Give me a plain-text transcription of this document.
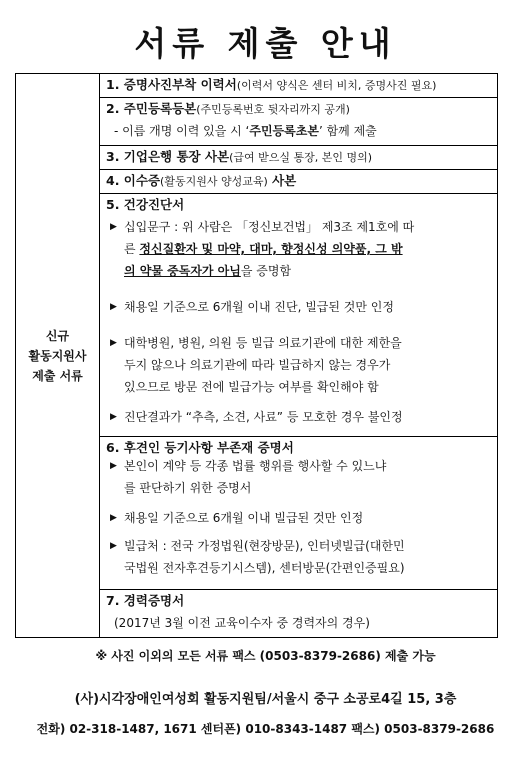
서류 제출 안내
신규
활동지원사
제출 서류
1. 증명사진부착 이력서(이력서 양식은 센터 비치, 증명사진 필요)
2. 주민등록등본(주민등록번호 뒷자리까지 공개)
- 이름 개명 이력 있을 시 ‘주민등록초본’ 함께 제출
3. 기업은행 통장 사본(급여 받으실 통장, 본인 명의)
4. 이수증(활동지원사 양성교육) 사본
5. 건강진단서
▶ 십입문구 : 위 사람은 「정신보건법」 제3조 제1호에 따
른 정신질환자 및 마약, 대마, 향정신성 의약품, 그 밖
의 약물 중독자가 아님을 증명함
▶ 채용일 기준으로 6개월 이내 진단, 빌급된 것만 인정
▶ 대학병원, 병원, 의원 등 빌급 의료기관에 대한 제한을
두지 않으나 의료기관에 따라 빌급하지 않는 경우가
있으므로 방문 전에 빌급가능 여부를 확인해야 함
▶ 진단결과가 “추측, 소견, 사료” 등 모호한 경우 불인정
6. 후견인 등기사항 부존재 증명서
▶ 본인이 계약 등 각종 법률 행위를 행사할 수 있느냐
를 판단하기 위한 증명서
▶ 채용일 기준으로 6개월 이내 빌급된 것만 인정
▶ 빌급처 : 전국 가정법원(현장방문), 인터넷빌급(대한민
국법원 전자후견등기시스템), 센터방문(간편인증필요)
7. 경력증명서
(2017년 3월 이전 교육이수자 중 경력자의 경우)
※ 사진 이외의 모든 서류 팩스 (0503-8379-2686) 제출 가능
(사)시각장애인여성회 활동지원팀/서울시 중구 소공로4길 15, 3층
전화) 02-318-1487, 1671 센터폰) 010-8343-1487 팩스) 0503-8379-2686
